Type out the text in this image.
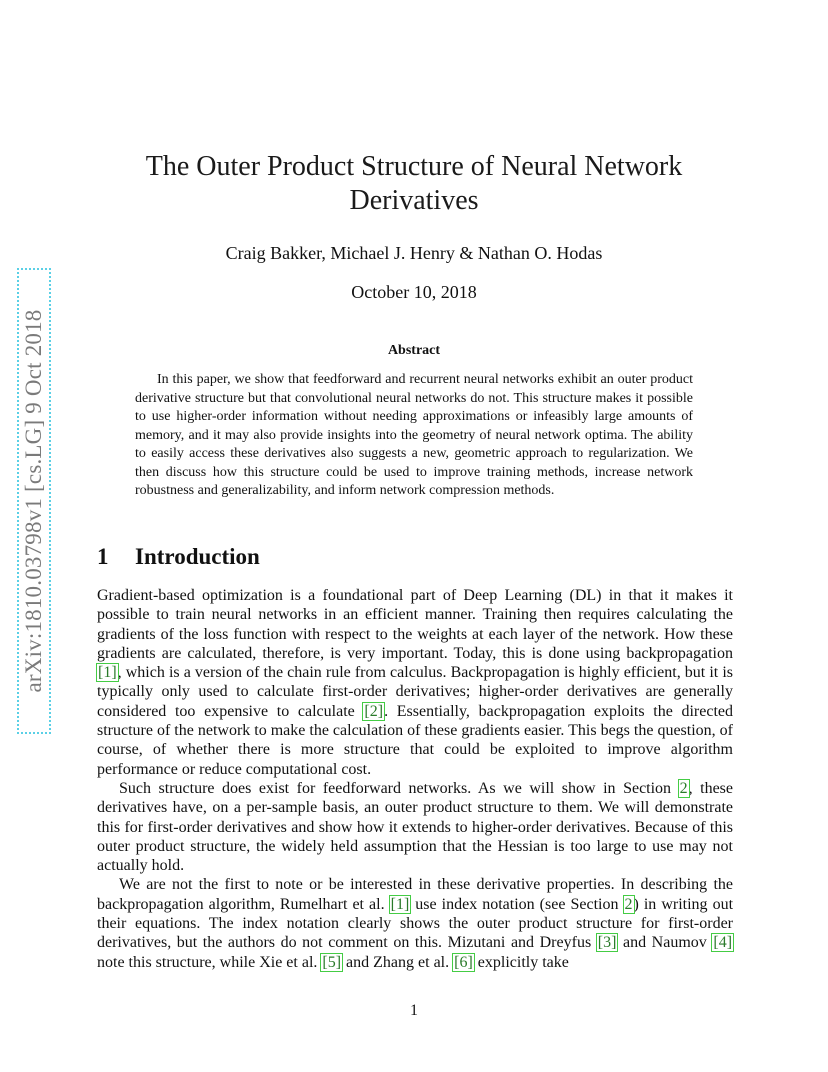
arXiv:1810.03798v1 [cs.LG] 9 Oct 2018
The Outer Product Structure of Neural Network Derivatives
Craig Bakker, Michael J. Henry & Nathan O. Hodas
October 10, 2018
Abstract

In this paper, we show that feedforward and recurrent neural networks exhibit an outer product derivative structure but that convolutional neural networks do not. This structure makes it possible to use higher-order information without needing approximations or infeasibly large amounts of memory, and it may also provide insights into the geometry of neural network optima. The ability to easily access these derivatives also suggests a new, geometric approach to regularization. We then discuss how this structure could be used to improve training methods, increase network robustness and generalizability, and inform network compression methods.

1 Introduction

Gradient-based optimization is a foundational part of Deep Learning (DL) in that it makes it possible to train neural networks in an efficient manner. Training then requires calculating the gradients of the loss function with respect to the weights at each layer of the network. How these gradients are calculated, therefore, is very important. Today, this is done using backpropagation [1], which is a version of the chain rule from calculus. Backpropagation is highly efficient, but it is typically only used to calculate first-order derivatives; higher-order derivatives are generally considered too expensive to calculate [2]. Essentially, backpropagation exploits the directed structure of the network to make the calculation of these gradients easier. This begs the question, of course, of whether there is more structure that could be exploited to improve algorithm performance or reduce computational cost.

Such structure does exist for feedforward networks. As we will show in Section 2, these derivatives have, on a per-sample basis, an outer product structure to them. We will demonstrate this for first-order derivatives and show how it extends to higher-order derivatives. Because of this outer product structure, the widely held assumption that the Hessian is too large to use may not actually hold.

We are not the first to note or be interested in these derivative properties. In describing the backpropagation algorithm, Rumelhart et al. [1] use index notation (see Section 2) in writing out their equations. The index notation clearly shows the outer product structure for first-order derivatives, but the authors do not comment on this. Mizutani and Dreyfus [3] and Naumov [4] note this structure, while Xie et al. [5] and Zhang et al. [6] explicitly take

1
